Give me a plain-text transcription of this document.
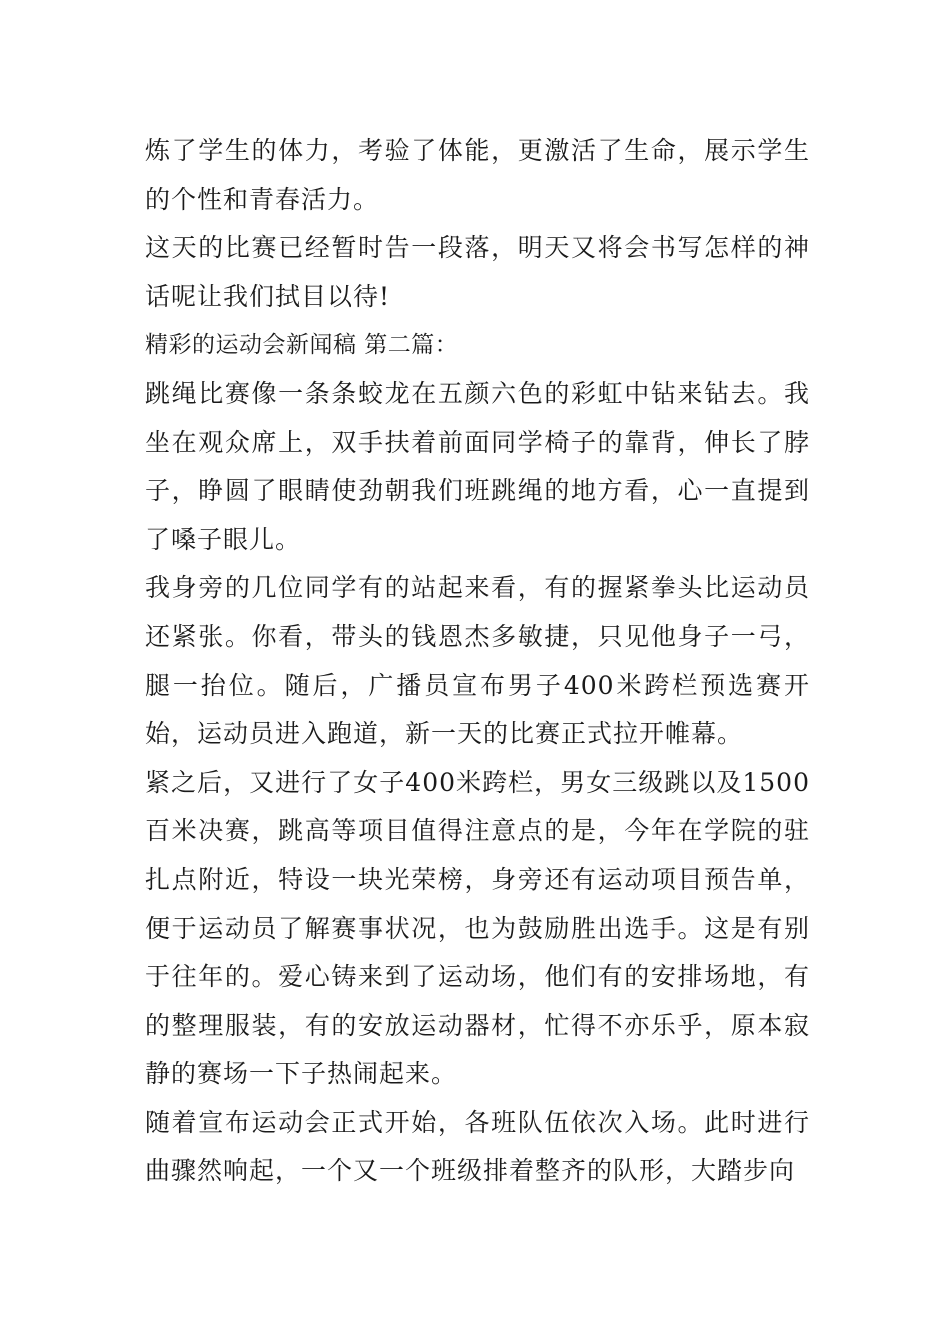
炼了学生的体力，考验了体能，更激活了生命，展示学生的个性和青春活力。

这天的比赛已经暂时告一段落，明天又将会书写怎样的神话呢让我们拭目以待!

精彩的运动会新闻稿 第二篇：

跳绳比赛像一条条蛟龙在五颜六色的彩虹中钻来钻去。我坐在观众席上，双手扶着前面同学椅子的靠背，伸长了脖子，睁圆了眼睛使劲朝我们班跳绳的地方看，心一直提到了嗓子眼儿。

我身旁的几位同学有的站起来看，有的握紧拳头比运动员还紧张。你看，带头的钱恩杰多敏捷，只见他身子一弓，腿一抬位。随后，广播员宣布男子400米跨栏预选赛开始，运动员进入跑道，新一天的比赛正式拉开帷幕。

紧之后，又进行了女子400米跨栏，男女三级跳以及1500百米决赛，跳高等项目值得注意点的是，今年在学院的驻扎点附近，特设一块光荣榜，身旁还有运动项目预告单，便于运动员了解赛事状况，也为鼓励胜出选手。这是有别于往年的。爱心铸来到了运动场，他们有的安排场地，有的整理服装，有的安放运动器材，忙得不亦乐乎，原本寂静的赛场一下子热闹起来。

随着宣布运动会正式开始，各班队伍依次入场。此时进行曲骤然响起，一个又一个班级排着整齐的队形，大踏步向
